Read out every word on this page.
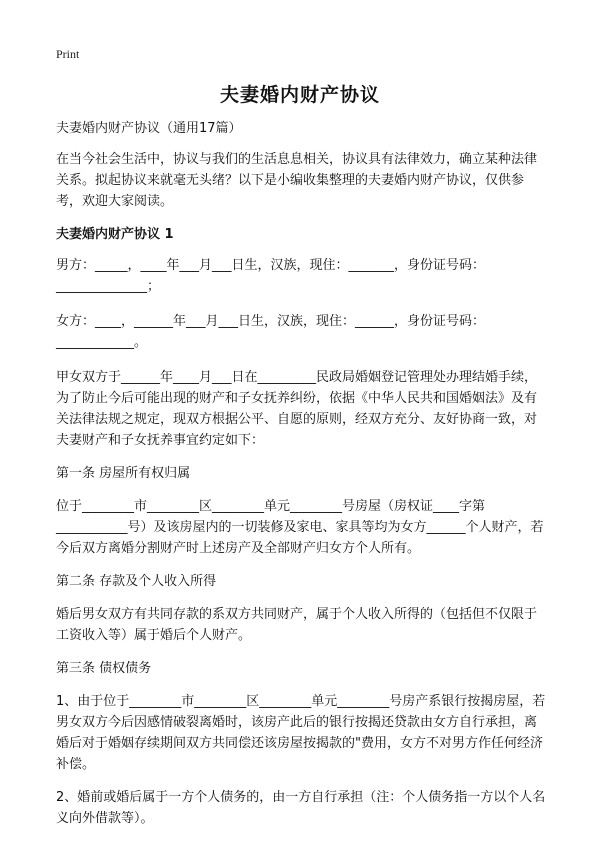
Print
夫妻婚内财产协议

夫妻婚内财产协议（通用17篇）

在当今社会生活中，协议与我们的生活息息相关，协议具有法律效力，确立某种法律关系。拟起协议来就毫无头绪？以下是小编收集整理的夫妻婚内财产协议，仅供参考，欢迎大家阅读。

夫妻婚内财产协议 1

男方：_____，____年___月___日生，汉族，现住：_______，身份证号码：______________；

女方：____，______年___月___日生，汉族，现住：______，身份证号码：____________。

甲女双方于______年____月___日在_________民政局婚姻登记管理处办理结婚手续，为了防止今后可能出现的财产和子女抚养纠纷，依据《中华人民共和国婚姻法》及有关法律法规之规定，现双方根据公平、自愿的原则，经双方充分、友好协商一致，对夫妻财产和子女抚养事宜约定如下：

第一条 房屋所有权归属

位于________市________区________单元________号房屋（房权证____字第___________号）及该房屋内的一切装修及家电、家具等均为女方______个人财产，若今后双方离婚分割财产时上述房产及全部财产归女方个人所有。

第二条 存款及个人收入所得

婚后男女双方有共同存款的系双方共同财产，属于个人收入所得的（包括但不仅限于工资收入等）属于婚后个人财产。

第三条 债权债务

1、由于位于________市________区________单元________号房产系银行按揭房屋，若男女双方今后因感情破裂离婚时，该房产此后的银行按揭还贷款由女方自行承担，离婚后对于婚姻存续期间双方共同偿还该房屋按揭款的"费用，女方不对男方作任何经济补偿。

2、婚前或婚后属于一方个人债务的，由一方自行承担（注：个人债务指一方以个人名义向外借款等）。
